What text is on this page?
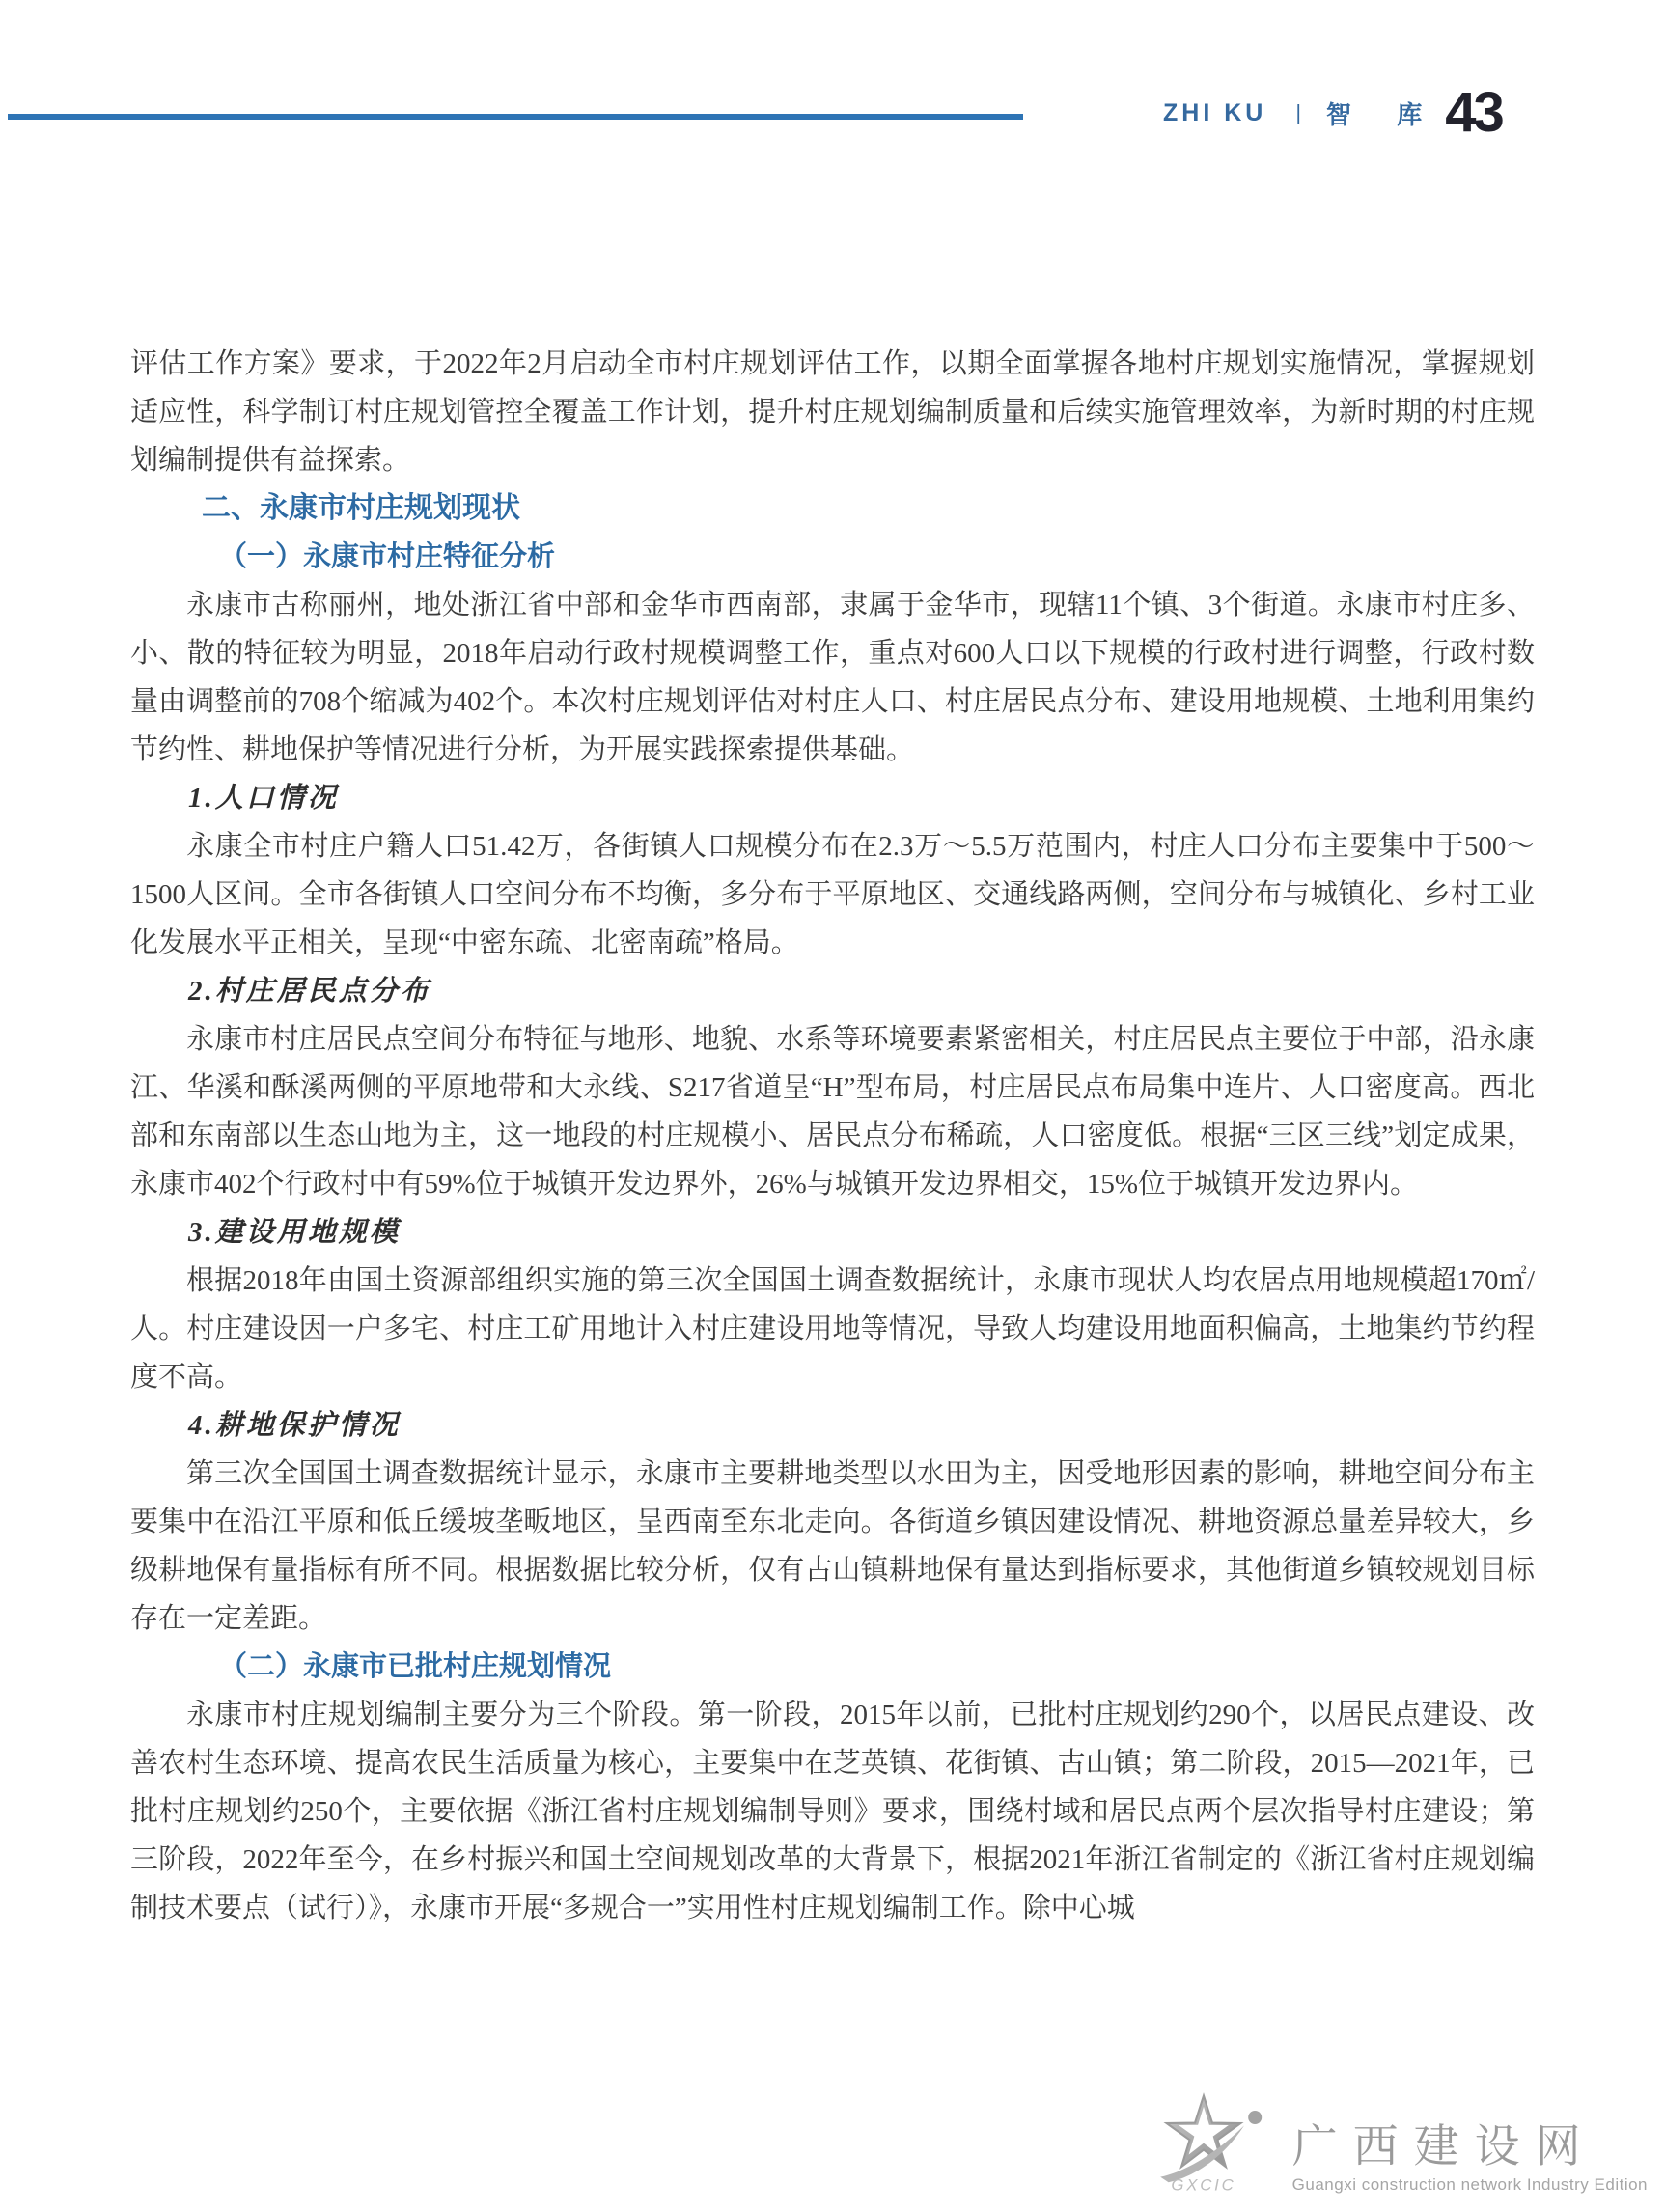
ZHI KU | 智 库 43

评估工作方案》要求，于2022年2月启动全市村庄规划评估工作，以期全面掌握各地村庄规划实施情况，掌握规划适应性，科学制订村庄规划管控全覆盖工作计划，提升村庄规划编制质量和后续实施管理效率，为新时期的村庄规划编制提供有益探索。

二、永康市村庄规划现状

（一）永康市村庄特征分析

永康市古称丽州，地处浙江省中部和金华市西南部，隶属于金华市，现辖11个镇、3个街道。永康市村庄多、小、散的特征较为明显，2018年启动行政村规模调整工作，重点对600人口以下规模的行政村进行调整，行政村数量由调整前的708个缩减为402个。本次村庄规划评估对村庄人口、村庄居民点分布、建设用地规模、土地利用集约节约性、耕地保护等情况进行分析，为开展实践探索提供基础。

1.人口情况

永康全市村庄户籍人口51.42万，各街镇人口规模分布在2.3万～5.5万范围内，村庄人口分布主要集中于500～1500人区间。全市各街镇人口空间分布不均衡，多分布于平原地区、交通线路两侧，空间分布与城镇化、乡村工业化发展水平正相关，呈现“中密东疏、北密南疏”格局。

2.村庄居民点分布

永康市村庄居民点空间分布特征与地形、地貌、水系等环境要素紧密相关，村庄居民点主要位于中部，沿永康江、华溪和酥溪两侧的平原地带和大永线、S217省道呈“H”型布局，村庄居民点布局集中连片、人口密度高。西北部和东南部以生态山地为主，这一地段的村庄规模小、居民点分布稀疏，人口密度低。根据“三区三线”划定成果，永康市402个行政村中有59%位于城镇开发边界外，26%与城镇开发边界相交，15%位于城镇开发边界内。

3.建设用地规模

根据2018年由国土资源部组织实施的第三次全国国土调查数据统计，永康市现状人均农居点用地规模超170㎡/人。村庄建设因一户多宅、村庄工矿用地计入村庄建设用地等情况，导致人均建设用地面积偏高，土地集约节约程度不高。

4.耕地保护情况

第三次全国国土调查数据统计显示，永康市主要耕地类型以水田为主，因受地形因素的影响，耕地空间分布主要集中在沿江平原和低丘缓坡垄畈地区，呈西南至东北走向。各街道乡镇因建设情况、耕地资源总量差异较大，乡级耕地保有量指标有所不同。根据数据比较分析，仅有古山镇耕地保有量达到指标要求，其他街道乡镇较规划目标存在一定差距。

（二）永康市已批村庄规划情况

永康市村庄规划编制主要分为三个阶段。第一阶段，2015年以前，已批村庄规划约290个，以居民点建设、改善农村生态环境、提高农民生活质量为核心，主要集中在芝英镇、花街镇、古山镇；第二阶段，2015—2021年，已批村庄规划约250个，主要依据《浙江省村庄规划编制导则》要求，围绕村域和居民点两个层次指导村庄建设；第三阶段，2022年至今，在乡村振兴和国土空间规划改革的大背景下，根据2021年浙江省制定的《浙江省村庄规划编制技术要点（试行）》，永康市开展“多规合一”实用性村庄规划编制工作。除中心城

GXCIC
广西建设网
Guangxi construction network Industry Edition
